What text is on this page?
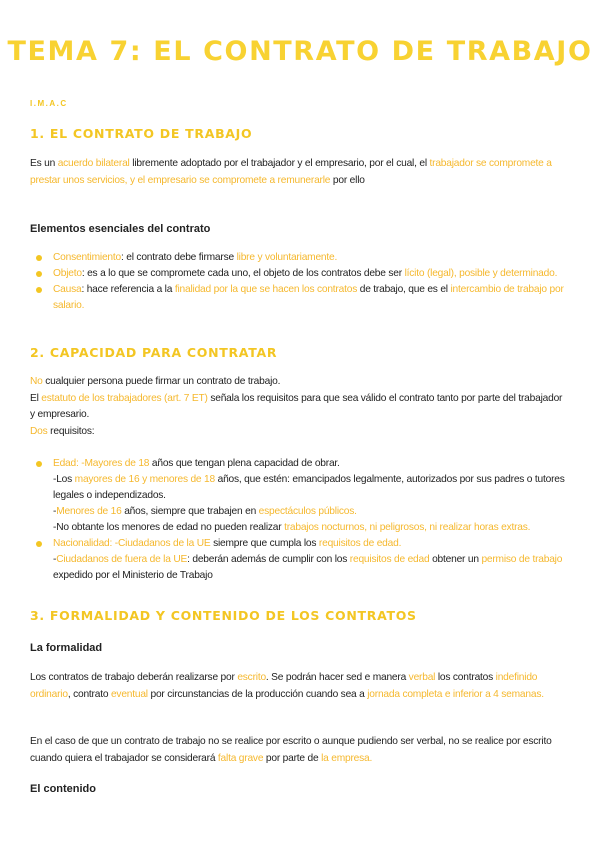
TEMA 7: EL CONTRATO DE TRABAJO
I.M.A.C
1. EL CONTRATO DE TRABAJO
Es un acuerdo bilateral libremente adoptado por el trabajador y el empresario, por el cual, el trabajador se compromete a prestar unos servicios, y el empresario se compromete a remunerarle por ello
Elementos esenciales del contrato
Consentimiento: el contrato debe firmarse libre y voluntariamente.
Objeto: es a lo que se compromete cada uno, el objeto de los contratos debe ser lícito (legal), posible y determinado.
Causa: hace referencia a la finalidad por la que se hacen los contratos de trabajo, que es el intercambio de trabajo por salario.
2. CAPACIDAD PARA CONTRATAR
No cualquier persona puede firmar un contrato de trabajo.
El estatuto de los trabajadores (art. 7 ET) señala los requisitos para que sea válido el contrato tanto por parte del trabajador y empresario.
Dos requisitos:
Edad: -Mayores de 18 años que tengan plena capacidad de obrar.
-Los mayores de 16 y menores de 18 años, que estén: emancipados legalmente, autorizados por sus padres o tutores legales o independizados.
-Menores de 16 años, siempre que trabajen en espectáculos públicos.
-No obtante los menores de edad no pueden realizar trabajos nocturnos, ni peligrosos, ni realizar horas extras.
Nacionalidad: -Ciudadanos de la UE siempre que cumpla los requisitos de edad.
-Ciudadanos de fuera de la UE: deberán además de cumplir con los requisitos de edad obtener un permiso de trabajo expedido por el Ministerio de Trabajo
3. FORMALIDAD Y CONTENIDO DE LOS CONTRATOS
La formalidad
Los contratos de trabajo deberán realizarse por escrito. Se podrán hacer sed e manera verbal los contratos indefinido ordinario, contrato eventual por circunstancias de la producción cuando sea a jornada completa e inferior a 4 semanas.
En el caso de que un contrato de trabajo no se realice por escrito o aunque pudiendo ser verbal, no se realice por escrito cuando quiera el trabajador se considerará falta grave por parte de la empresa.
El contenido
